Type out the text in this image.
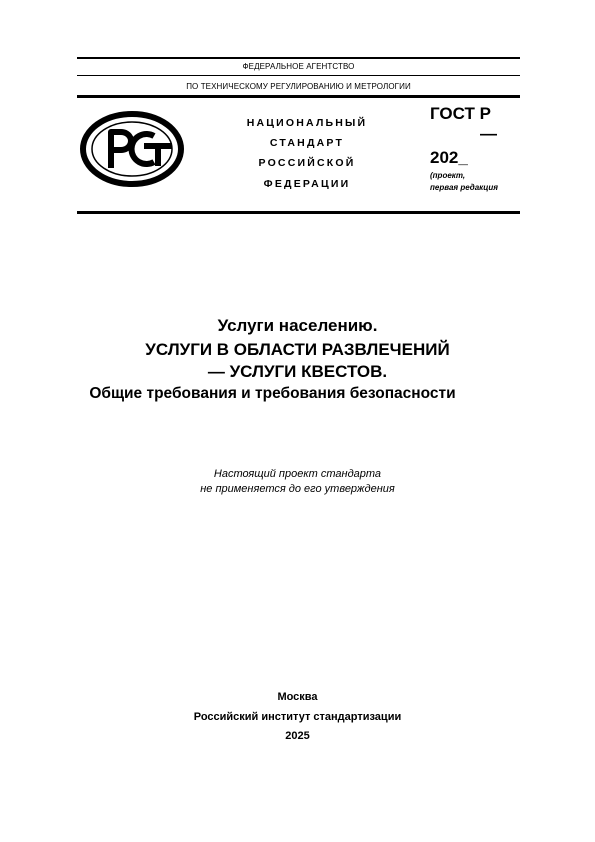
ФЕДЕРАЛЬНОЕ АГЕНТСТВО
ПО ТЕХНИЧЕСКОМУ РЕГУЛИРОВАНИЮ И МЕТРОЛОГИИ
НАЦИОНАЛЬНЫЙ
СТАНДАРТ
РОССИЙСКОЙ
ФЕДЕРАЦИИ
ГОСТ Р
—
202_
(проект,
первая редакция
Услуги населению.
УСЛУГИ В ОБЛАСТИ РАЗВЛЕЧЕНИЙ
— УСЛУГИ КВЕСТОВ.
Общие требования и требования безопасности
Настоящий проект стандарта
не применяется до его утверждения
Москва
Российский институт стандартизации
2025
